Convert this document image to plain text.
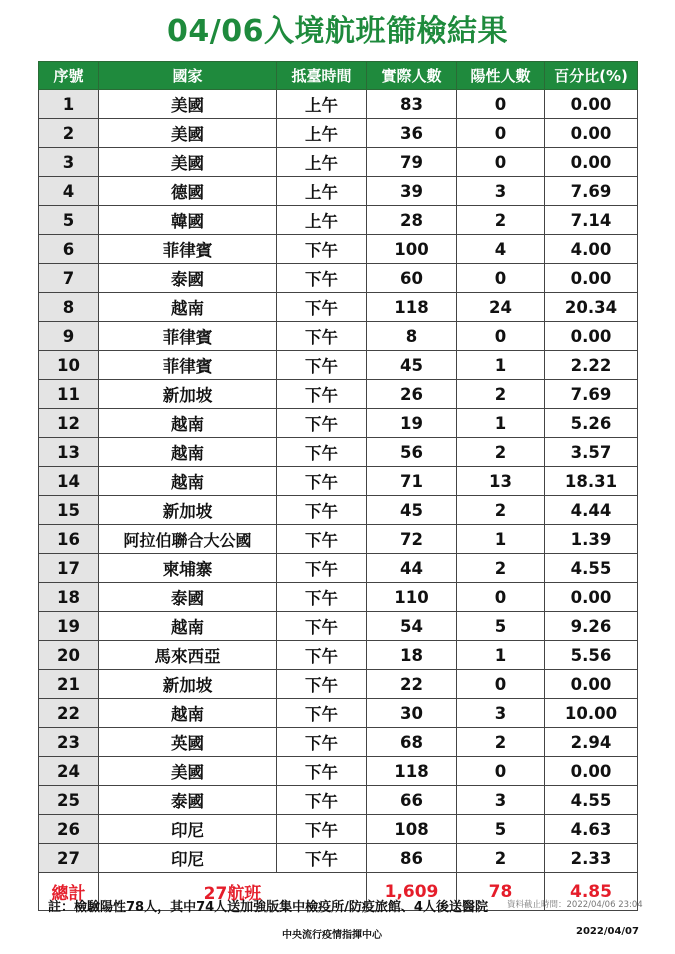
04/06入境航班篩檢結果
序號	國家	抵臺時間	實際人數	陽性人數	百分比(%)
1	美國	上午	83	0	0.00
2	美國	上午	36	0	0.00
3	美國	上午	79	0	0.00
4	德國	上午	39	3	7.69
5	韓國	上午	28	2	7.14
6	菲律賓	下午	100	4	4.00
7	泰國	下午	60	0	0.00
8	越南	下午	118	24	20.34
9	菲律賓	下午	8	0	0.00
10	菲律賓	下午	45	1	2.22
11	新加坡	下午	26	2	7.69
12	越南	下午	19	1	5.26
13	越南	下午	56	2	3.57
14	越南	下午	71	13	18.31
15	新加坡	下午	45	2	4.44
16	阿拉伯聯合大公國	下午	72	1	1.39
17	柬埔寨	下午	44	2	4.55
18	泰國	下午	110	0	0.00
19	越南	下午	54	5	9.26
20	馬來西亞	下午	18	1	5.56
21	新加坡	下午	22	0	0.00
22	越南	下午	30	3	10.00
23	英國	下午	68	2	2.94
24	美國	下午	118	0	0.00
25	泰國	下午	66	3	4.55
26	印尼	下午	108	5	4.63
27	印尼	下午	86	2	2.33
總計	27航班		1,609	78	4.85
註：檢驗陽性78人，其中74人送加強版集中檢疫所/防疫旅館、4人後送醫院 資料截止時間：2022/04/06 23:04
中央流行疫情指揮中心	2022/04/07
